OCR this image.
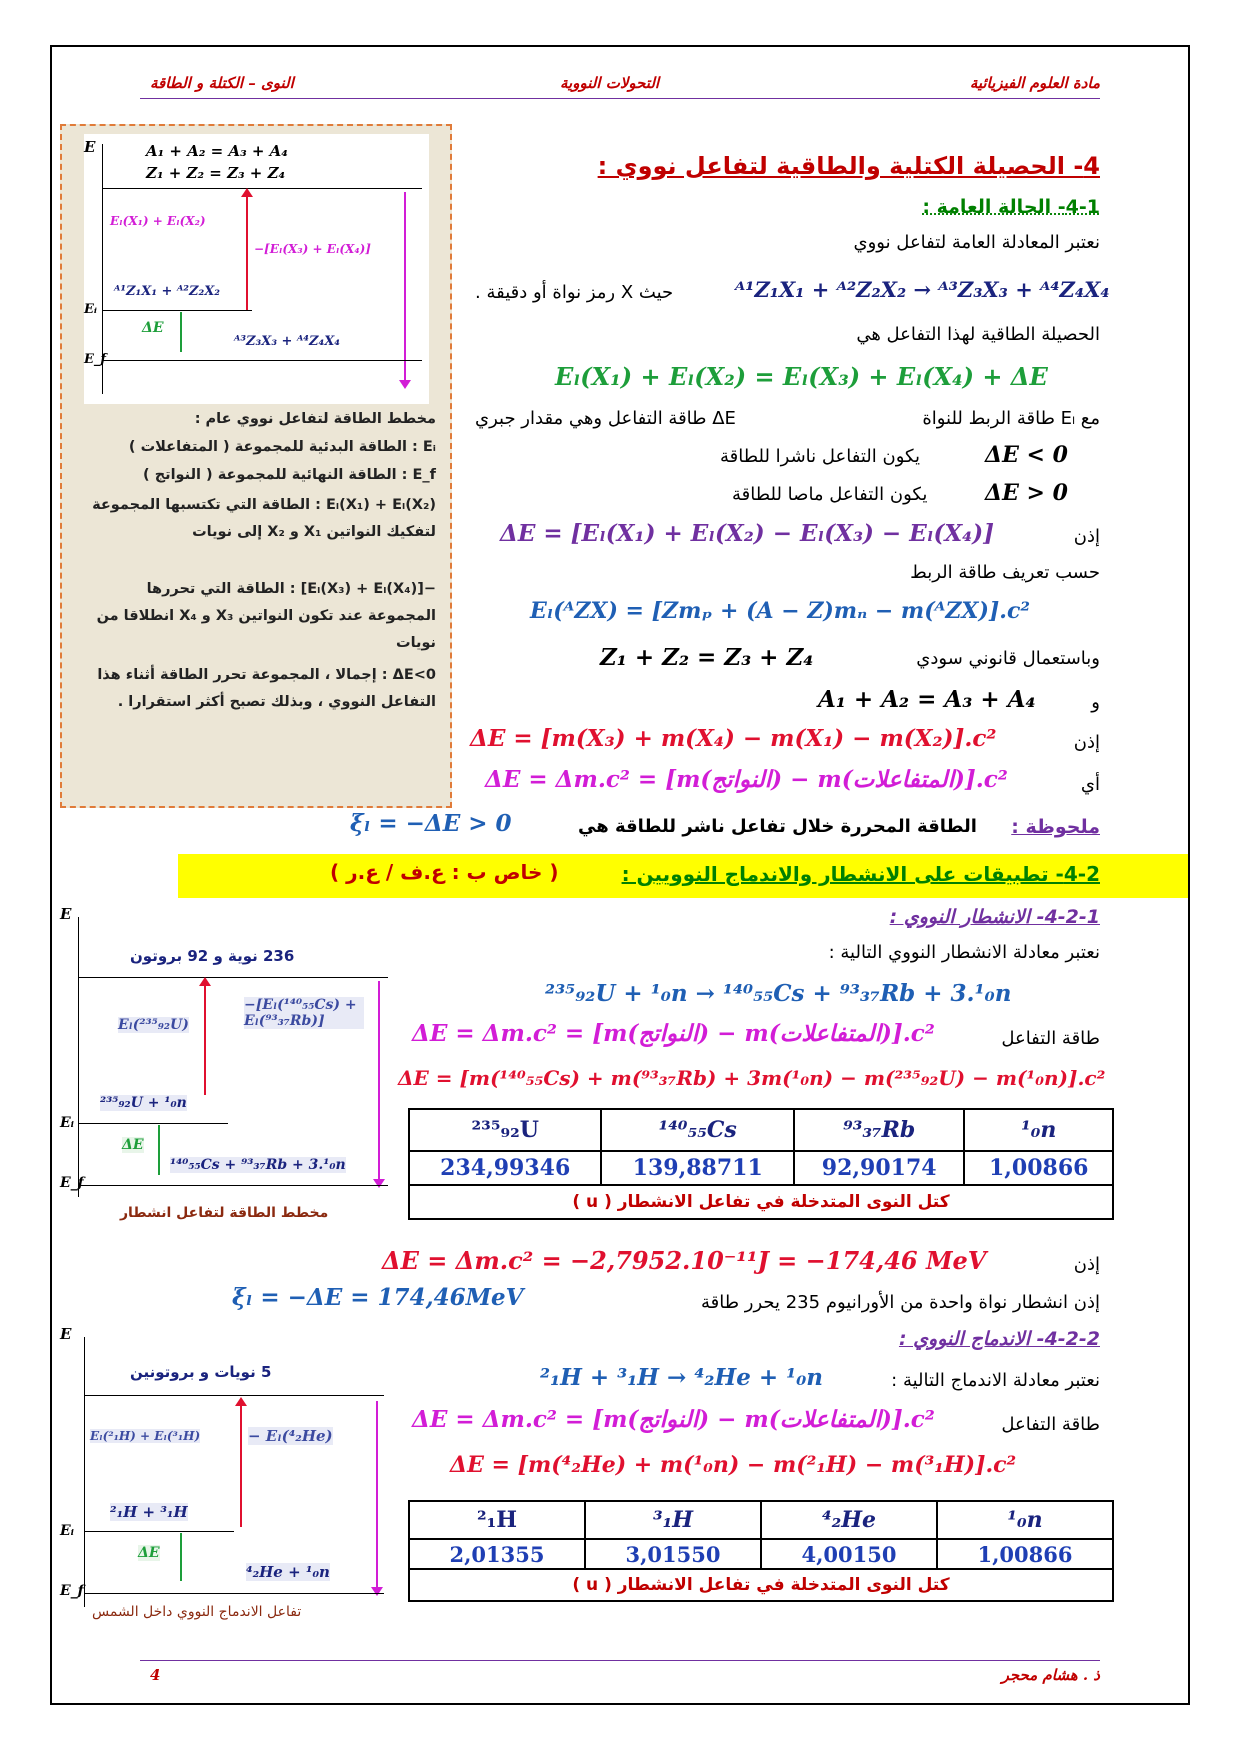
مادة العلوم الفيزيائية
التحولات النووية
النوى – الكتلة و الطاقة
E	A₁ + A₂ = A₃ + A₄
Z₁ + Z₂ = Z₃ + Z₄
Eₗ(X₁) + Eₗ(X₂)
−[Eₗ(X₃) + Eₗ(X₄)]
Eᵢ
ᴬ¹Z₁X₁ + ᴬ²Z₂X₂
ΔE
ᴬ³Z₃X₃ + ᴬ⁴Z₄X₄
E_f
مخطط الطاقة لتفاعل نووي عام :
Eᵢ : الطاقة البدئية للمجموعة ( المتفاعلات )
E_f : الطاقة النهائية للمجموعة ( النواتج )
Eₗ(X₁) + Eₗ(X₂) : الطاقة التي تكتسبها المجموعة لتفكيك النواتين X₁ و X₂ إلى نويات
−[Eₗ(X₃) + Eₗ(X₄)] : الطاقة التي تحررها المجموعة عند تكون النواتين X₃ و X₄ انطلاقا من نويات
ΔE<0 : إجمالا ، المجموعة تحرر الطاقة أثناء هذا التفاعل النووي ، وبذلك تصبح أكثر استقرارا .
4- الحصيلة الكتلية والطاقية لتفاعل نووي :
4-1- الحالة العامة :
نعتبر المعادلة العامة لتفاعل نووي
ᴬ¹Z₁X₁ + ᴬ²Z₂X₂ → ᴬ³Z₃X₃ + ᴬ⁴Z₄X₄
حيث X رمز نواة أو دقيقة .
الحصيلة الطاقية لهذا التفاعل هي
Eₗ(X₁) + Eₗ(X₂) = Eₗ(X₃) + Eₗ(X₄) + ΔE
مع Eₗ طاقة الربط للنواة
ΔE طاقة التفاعل وهي مقدار جبري
ΔE < 0
يكون التفاعل ناشرا للطاقة
ΔE > 0
يكون التفاعل ماصا للطاقة
إذن
ΔE = [Eₗ(X₁) + Eₗ(X₂) − Eₗ(X₃) − Eₗ(X₄)]
حسب تعريف طاقة الربط
Eₗ(ᴬZX) = [Zmₚ + (A − Z)mₙ − m(ᴬZX)].c²
وباستعمال قانوني سودي
Z₁ + Z₂ = Z₃ + Z₄
و
A₁ + A₂ = A₃ + A₄
إذن
ΔE = [m(X₃) + m(X₄) − m(X₁) − m(X₂)].c²
أي
ΔE = Δm.c² = [m(النواتج) − m(المتفاعلات)].c²
ملحوظة :
الطاقة المحررة خلال تفاعل ناشر للطاقة هي
ξₗ = −ΔE > 0
4-2- تطبيقات على الانشطار والاندماج النوويين :
( خاص ب : ع.ف / ع.ر )
4-2-1- الانشطار النووي :
نعتبر معادلة الانشطار النووي التالية :
²³⁵₉₂U + ¹₀n → ¹⁴⁰₅₅Cs + ⁹³₃₇Rb + 3.¹₀n
طاقة التفاعل
ΔE = Δm.c² = [m(النواتج) − m(المتفاعلات)].c²
ΔE = [m(¹⁴⁰₅₅Cs) + m(⁹³₃₇Rb) + 3m(¹₀n) − m(²³⁵₉₂U) − m(¹₀n)].c²
²³⁵₉₂U	¹⁴⁰₅₅Cs	⁹³₃₇Rb	¹₀n
234,99346	139,88711	92,90174	1,00866
كتل النوى المتدخلة في تفاعل الانشطار ( u )			
إذن
ΔE = Δm.c² = −2,7952.10⁻¹¹J = −174,46 MeV
إذن انشطار نواة واحدة من الأورانيوم 235 يحرر طاقة
ξₗ = −ΔE = 174,46MeV
E
236 نوية و 92 بروتون
Eₗ(²³⁵₉₂U)
−[Eₗ(¹⁴⁰₅₅Cs) + Eₗ(⁹³₃₇Rb)]
²³⁵₉₂U + ¹₀n
Eᵢ
ΔE
¹⁴⁰₅₅Cs + ⁹³₃₇Rb + 3.¹₀n
E_f
مخطط الطاقة لتفاعل انشطار
4-2-2- الاندماج النووي :
نعتبر معادلة الاندماج التالية :
²₁H + ³₁H → ⁴₂He + ¹₀n
طاقة التفاعل
ΔE = Δm.c² = [m(النواتج) − m(المتفاعلات)].c²
ΔE = [m(⁴₂He) + m(¹₀n) − m(²₁H) − m(³₁H)].c²
²₁H	³₁H	⁴₂He	¹₀n
2,01355	3,01550	4,00150	1,00866
كتل النوى المتدخلة في تفاعل الانشطار ( u )			
E
5 نويات و بروتونين
Eₗ(²₁H) + Eₗ(³₁H)	− Eₗ(⁴₂He)
²₁H + ³₁H
Eᵢ
ΔE
⁴₂He + ¹₀n
E_f
تفاعل الاندماج النووي داخل الشمس
ذ . هشام محجر
4
